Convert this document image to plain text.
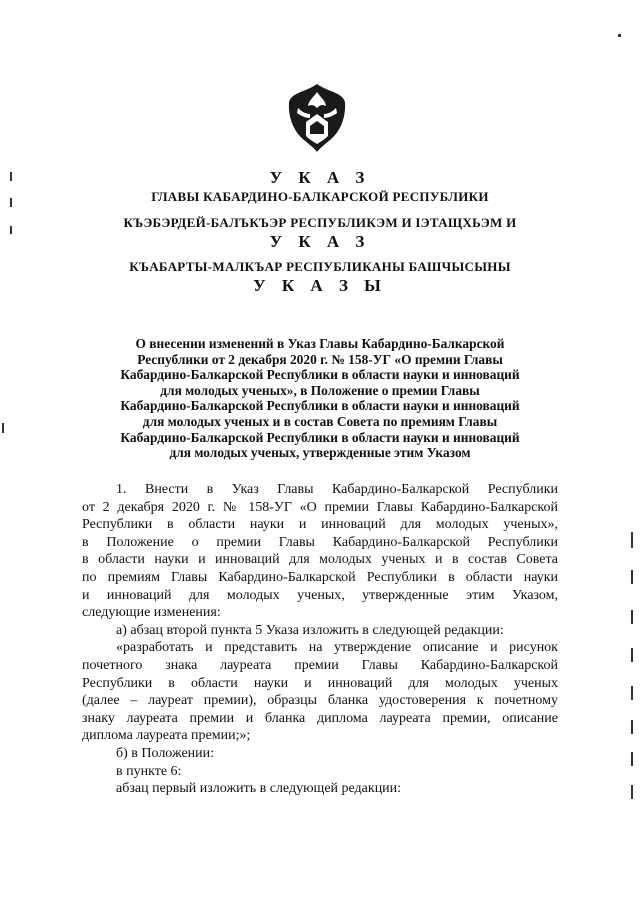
У К А З
ГЛАВЫ КАБАРДИНО-БАЛКАРСКОЙ РЕСПУБЛИКИ
КЪЭБЭРДЕЙ-БАЛЪКЪЭР РЕСПУБЛИКЭМ И ІЭТАЩХЬЭМ И
У К А З
КЪАБАРТЫ-МАЛКЪАР РЕСПУБЛИКАНЫ БАШЧЫСЫНЫ
У К А З Ы
О внесении изменений в Указ Главы Кабардино-Балкарской
Республики от 2 декабря 2020 г. № 158-УГ «О премии Главы
Кабардино-Балкарской Республики в области науки и инноваций
для молодых ученых», в Положение о премии Главы
Кабардино-Балкарской Республики в области науки и инноваций
для молодых ученых и в состав Совета по премиям Главы
Кабардино-Балкарской Республики в области науки и инноваций
для молодых ученых, утвержденные этим Указом
1. Внести в Указ Главы Кабардино-Балкарской Республики
от 2 декабря 2020 г. № 158-УГ «О премии Главы Кабардино-Балкарской
Республики в области науки и инноваций для молодых ученых»,
в Положение о премии Главы Кабардино-Балкарской Республики
в области науки и инноваций для молодых ученых и в состав Совета
по премиям Главы Кабардино-Балкарской Республики в области науки
и инноваций для молодых ученых, утвержденные этим Указом,
следующие изменения:
а) абзац второй пункта 5 Указа изложить в следующей редакции:
«разработать и представить на утверждение описание и рисунок
почетного знака лауреата премии Главы Кабардино-Балкарской
Республики в области науки и инноваций для молодых ученых
(далее – лауреат премии), образцы бланка удостоверения к почетному
знаку лауреата премии и бланка диплома лауреата премии, описание
диплома лауреата премии;»;
б) в Положении:
в пункте 6:
абзац первый изложить в следующей редакции:
